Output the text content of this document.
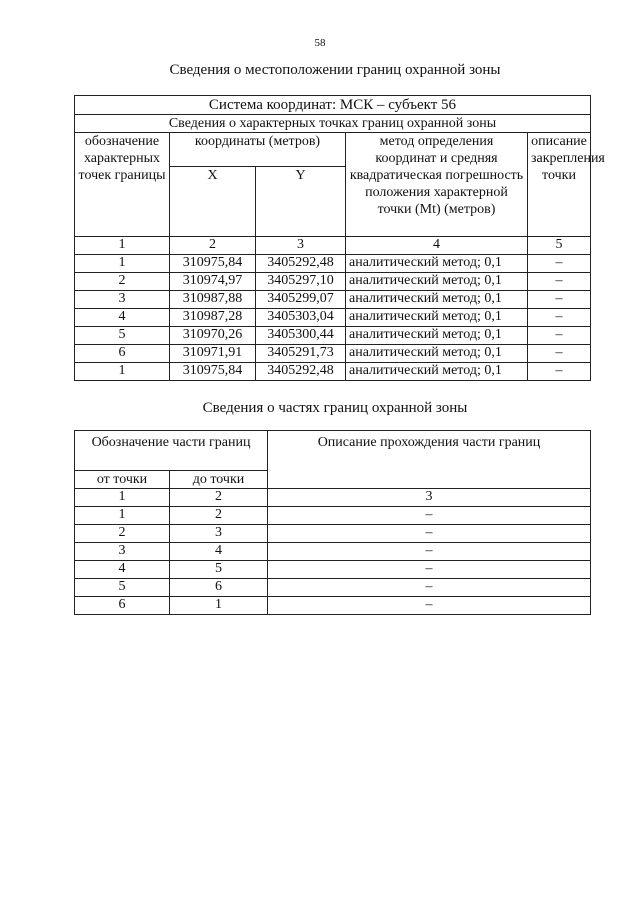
58
Сведения о местоположении границ охранной зоны
Система координат: МСК – субъект 56				
Сведения о характерных точках границ охранной зоны				
обозначение характерных точек границы	координаты (метров)		метод определения координат и средняя квадратическая погрешность положения характерной точки (Mt) (метров)	описание закрепления точки
	X	Y		
1	2	3	4	5
1	310975,84	3405292,48	аналитический метод; 0,1	–
2	310974,97	3405297,10	аналитический метод; 0,1	–
3	310987,88	3405299,07	аналитический метод; 0,1	–
4	310987,28	3405303,04	аналитический метод; 0,1	–
5	310970,26	3405300,44	аналитический метод; 0,1	–
6	310971,91	3405291,73	аналитический метод; 0,1	–
1	310975,84	3405292,48	аналитический метод; 0,1	–
Сведения о частях границ охранной зоны
Обозначение части границ		Описание прохождения части границ
от точки	до точки	
1	2	3
1	2	–
2	3	–
3	4	–
4	5	–
5	6	–
6	1	–
